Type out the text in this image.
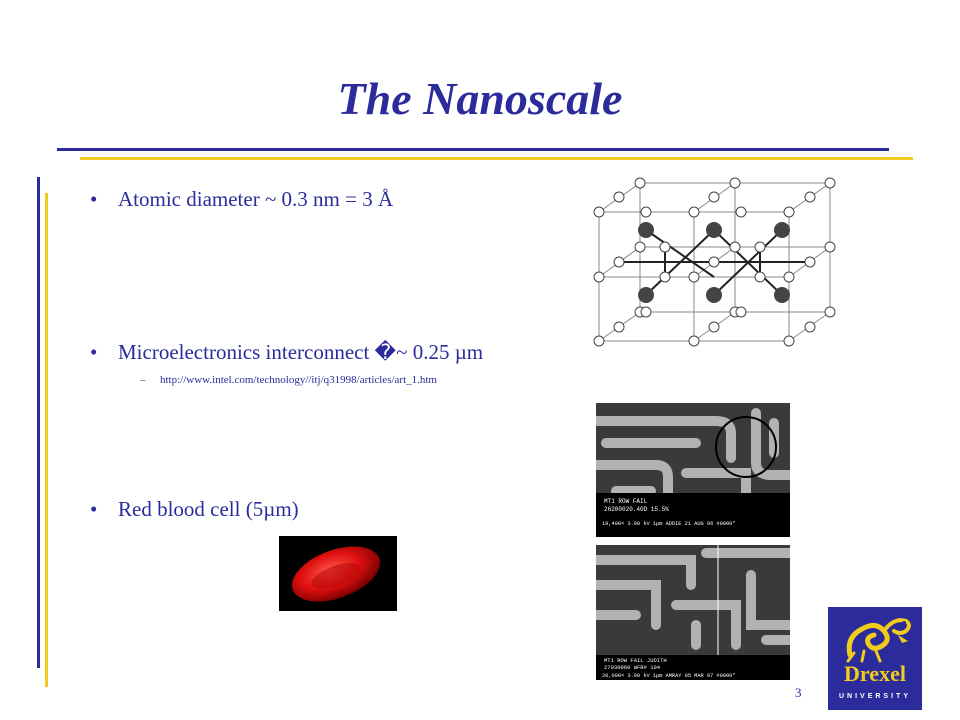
The Nanoscale
• Atomic diameter ~ 0.3 nm = 3 Å
• Microelectronics interconnect �~ 0.25 µm
– http://www.intel.com/technology//itj/q31998/articles/art_1.htm
• Red blood cell (5µm)	MT1 ROW FAIL
26200020.40D 15.5%
19,400× 3.00 kV 1µm ADDIE 21 AUG 96 #0000*
MT1 ROW FAIL JUDITH
27030060 WFR# 104
20,000× 3.00 kV 1µm AMRAY 05 MAR 97 #0000*
3
Drexel
UNIVERSITY
